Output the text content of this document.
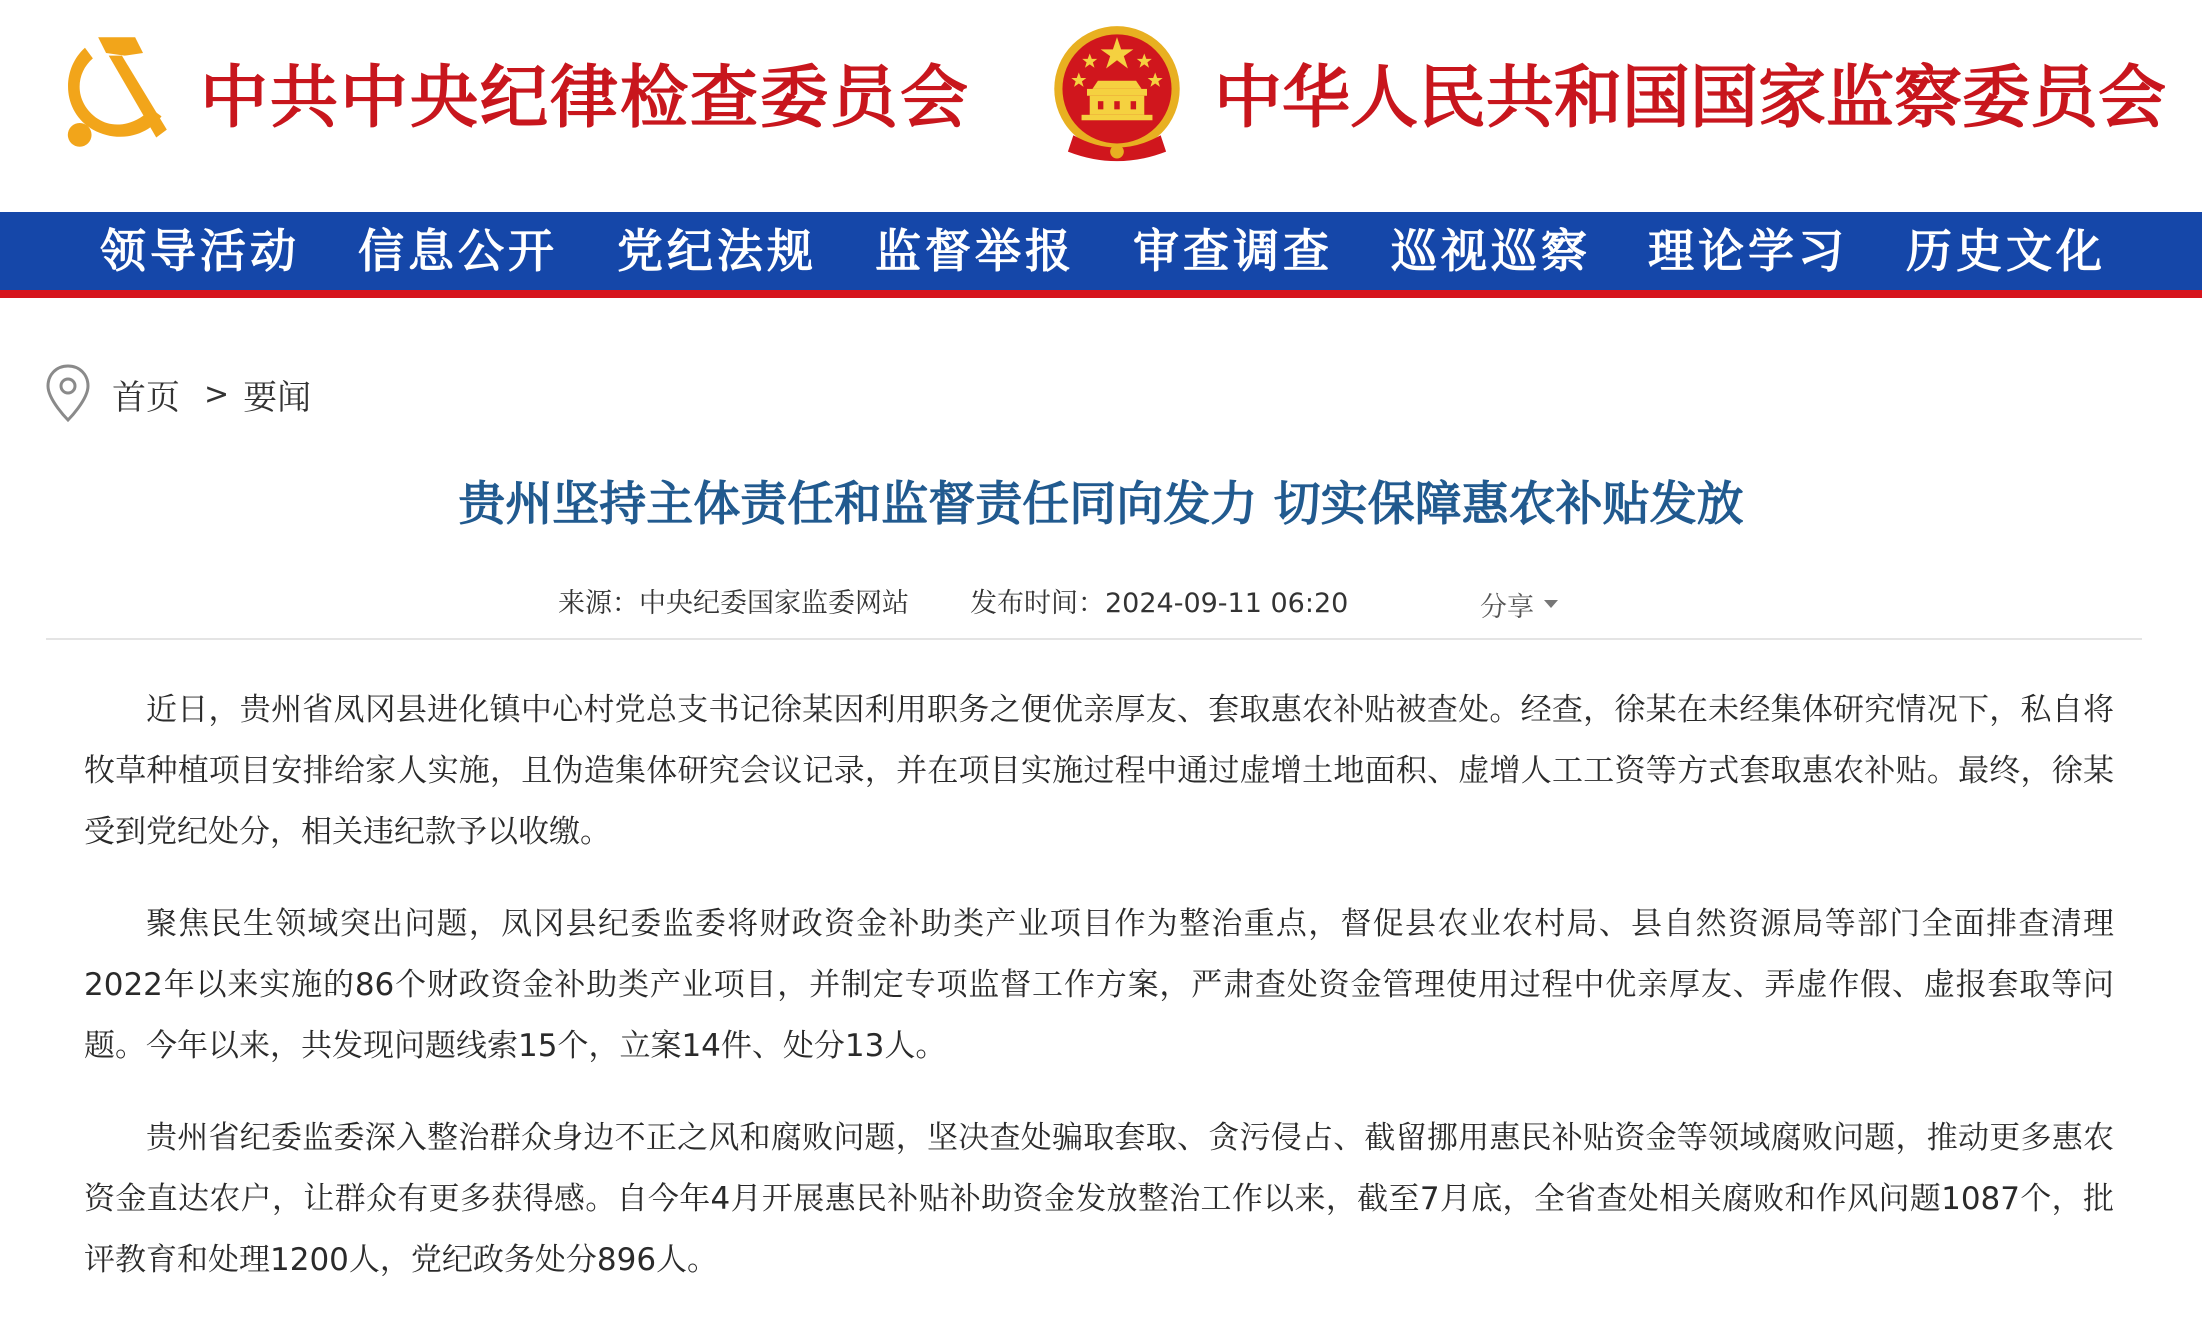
中共中央纪律检查委员会	中华人民共和国国家监察委员会
领导活动 信息公开 党纪法规 监督举报 审查调查 巡视巡察 理论学习 历史文化
首页 > 要闻
贵州坚持主体责任和监督责任同向发力 切实保障惠农补贴发放
来源：中央纪委国家监委网站 发布时间：2024-09-11 06:20	分享

近日，贵州省凤冈县进化镇中心村党总支书记徐某因利用职务之便优亲厚友、套取惠农补贴被查处。经查，徐某在未经集体研究情况下，私自将牧草种植项目安排给家人实施，且伪造集体研究会议记录，并在项目实施过程中通过虚增土地面积、虚增人工工资等方式套取惠农补贴。最终，徐某受到党纪处分，相关违纪款予以收缴。

聚焦民生领域突出问题，凤冈县纪委监委将财政资金补助类产业项目作为整治重点，督促县农业农村局、县自然资源局等部门全面排查清理2022年以来实施的86个财政资金补助类产业项目，并制定专项监督工作方案，严肃查处资金管理使用过程中优亲厚友、弄虚作假、虚报套取等问题。今年以来，共发现问题线索15个，立案14件、处分13人。

贵州省纪委监委深入整治群众身边不正之风和腐败问题，坚决查处骗取套取、贪污侵占、截留挪用惠民补贴资金等领域腐败问题，推动更多惠农资金直达农户，让群众有更多获得感。自今年4月开展惠民补贴补助资金发放整治工作以来，截至7月底，全省查处相关腐败和作风问题1087个，批评教育和处理1200人，党纪政务处分896人。
